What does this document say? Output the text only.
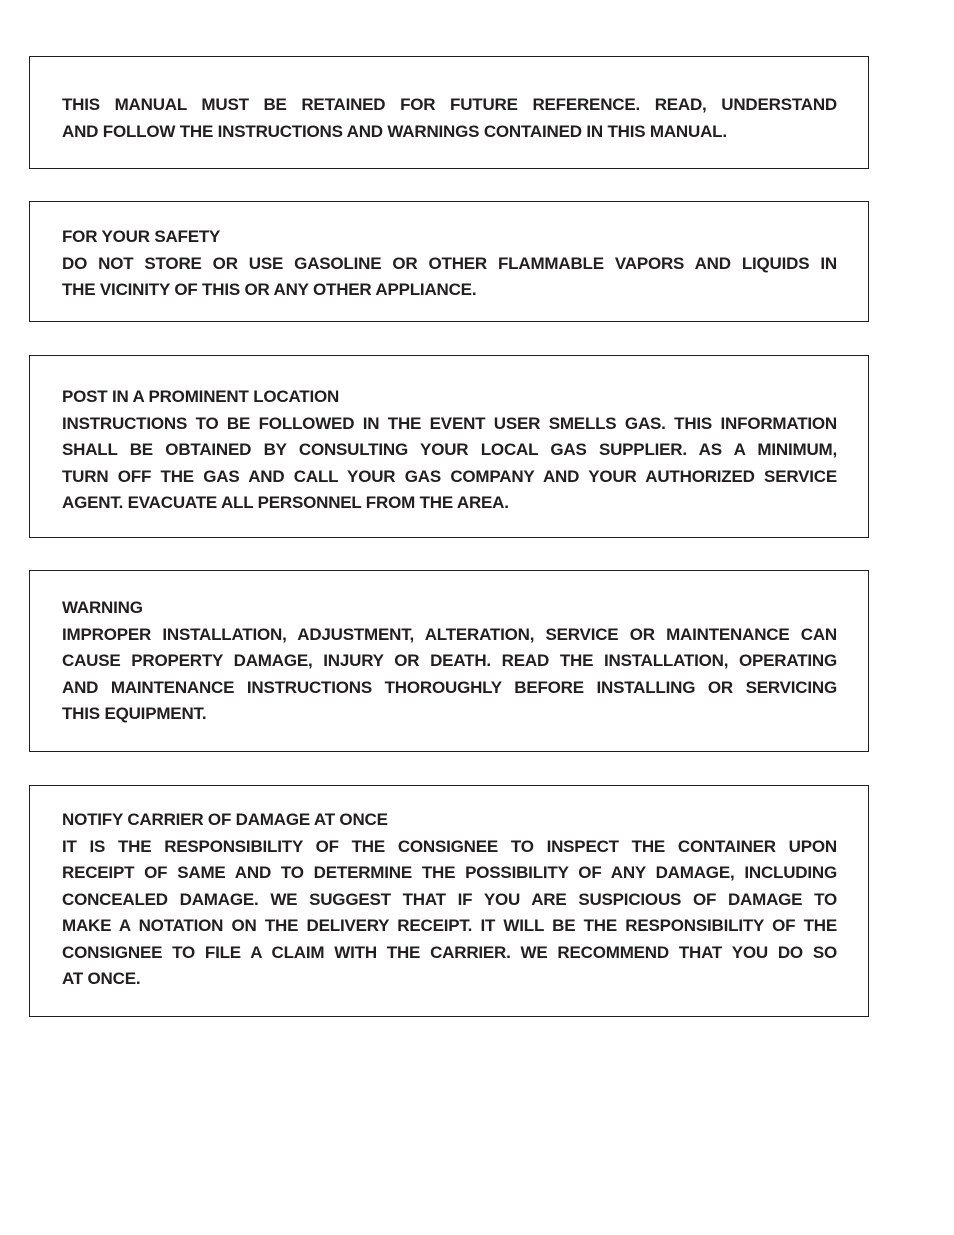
THIS MANUAL MUST BE RETAINED FOR FUTURE REFERENCE. READ, UNDERSTAND
AND FOLLOW THE INSTRUCTIONS AND WARNINGS CONTAINED IN THIS MANUAL.
FOR YOUR SAFETY
DO NOT STORE OR USE GASOLINE OR OTHER FLAMMABLE VAPORS AND LIQUIDS IN
THE VICINITY OF THIS OR ANY OTHER APPLIANCE.
POST IN A PROMINENT LOCATION
INSTRUCTIONS TO BE FOLLOWED IN THE EVENT USER SMELLS GAS. THIS INFORMATION
SHALL BE OBTAINED BY CONSULTING YOUR LOCAL GAS SUPPLIER. AS A MINIMUM,
TURN OFF THE GAS AND CALL YOUR GAS COMPANY AND YOUR AUTHORIZED SERVICE
AGENT. EVACUATE ALL PERSONNEL FROM THE AREA.
WARNING
IMPROPER INSTALLATION, ADJUSTMENT, ALTERATION, SERVICE OR MAINTENANCE CAN
CAUSE PROPERTY DAMAGE, INJURY OR DEATH. READ THE INSTALLATION, OPERATING
AND MAINTENANCE INSTRUCTIONS THOROUGHLY BEFORE INSTALLING OR SERVICING
THIS EQUIPMENT.
NOTIFY CARRIER OF DAMAGE AT ONCE
IT IS THE RESPONSIBILITY OF THE CONSIGNEE TO INSPECT THE CONTAINER UPON
RECEIPT OF SAME AND TO DETERMINE THE POSSIBILITY OF ANY DAMAGE, INCLUDING
CONCEALED DAMAGE. WE SUGGEST THAT IF YOU ARE SUSPICIOUS OF DAMAGE TO
MAKE A NOTATION ON THE DELIVERY RECEIPT. IT WILL BE THE RESPONSIBILITY OF THE
CONSIGNEE TO FILE A CLAIM WITH THE CARRIER. WE RECOMMEND THAT YOU DO SO
AT ONCE.
